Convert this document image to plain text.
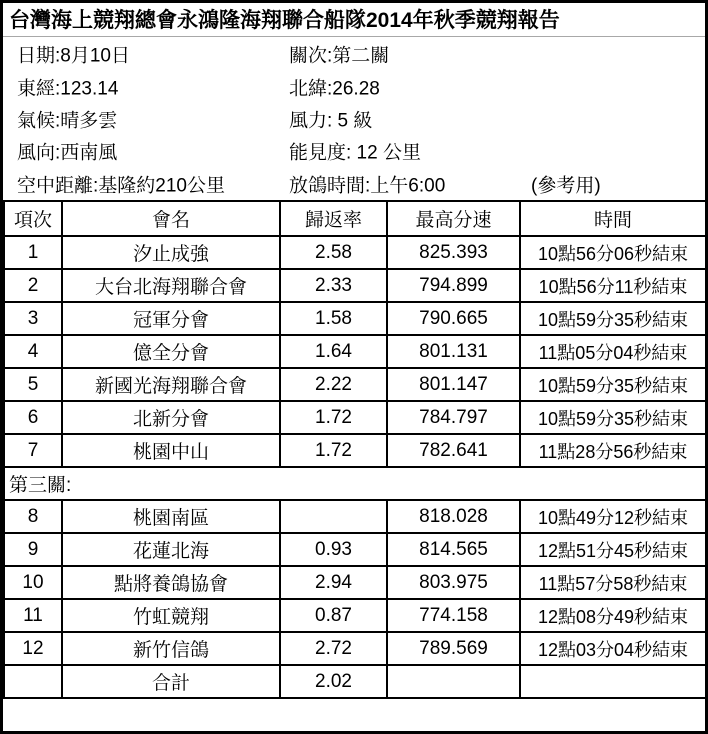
台灣海上競翔總會永鴻隆海翔聯合船隊2014年秋季競翔報告
日期:8月10日	關次:第二關
東經:123.14	北緯:26.28
氣候:晴多雲	風力: 5 級
風向:西南風	能見度: 12 公里
空中距離:基隆約210公里	放鴿時間:上午6:00	(參考用)
項次	會名	歸返率	最高分速	時間
1	汐止成強	2.58	825.393	10點56分06秒結束
2	大台北海翔聯合會	2.33	794.899	10點56分11秒結束
3	冠軍分會	1.58	790.665	10點59分35秒結束
4	億全分會	1.64	801.131	11點05分04秒結束
5	新國光海翔聯合會	2.22	801.147	10點59分35秒結束
6	北新分會	1.72	784.797	10點59分35秒結束
7	桃園中山	1.72	782.641	11點28分56秒結束
第三關:				
8	桃園南區		818.028	10點49分12秒結束
9	花蓮北海	0.93	814.565	12點51分45秒結束
10	點將養鴿協會	2.94	803.975	11點57分58秒結束
11	竹虹競翔	0.87	774.158	12點08分49秒結束
12	新竹信鴿	2.72	789.569	12點03分04秒結束
	合計	2.02		
